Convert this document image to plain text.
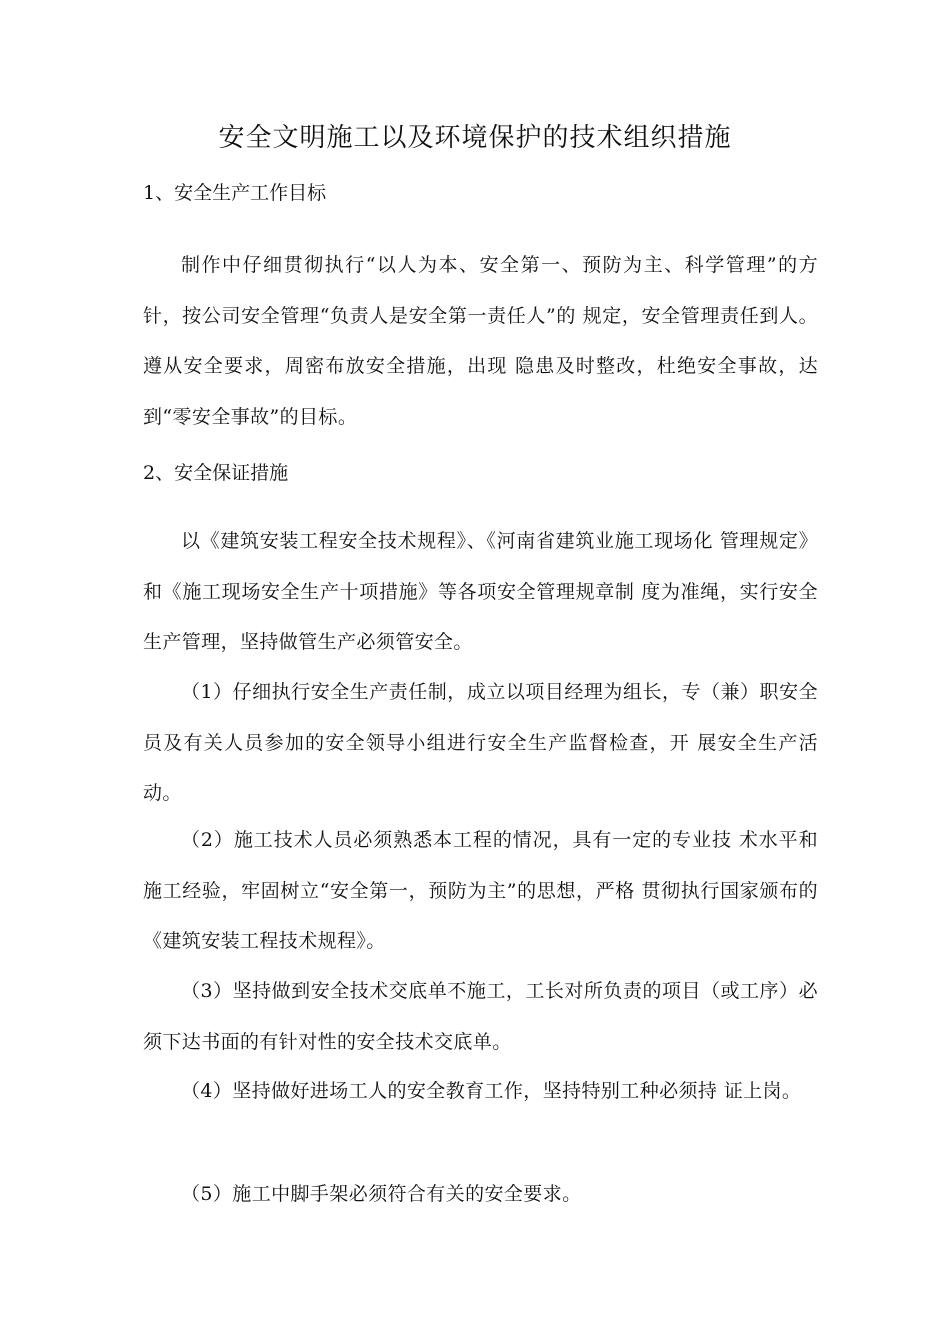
安全文明施工以及环境保护的技术组织措施
1、安全生产工作目标
制作中仔细贯彻执行“以人为本、安全第一、预防为主、科学管理”的方针，按公司安全管理“负责人是安全第一责任人”的 规定，安全管理责任到人。遵从安全要求，周密布放安全措施，出现 隐患及时整改，杜绝安全事故，达到“零安全事故”的目标。
2、安全保证措施
以《建筑安装工程安全技术规程》、《河南省建筑业施工现场化 管理规定》和《施工现场安全生产十项措施》等各项安全管理规章制 度为准绳，实行安全生产管理，坚持做管生产必须管安全。
（1）仔细执行安全生产责任制，成立以项目经理为组长，专（兼）职安全员及有关人员参加的安全领导小组进行安全生产监督检查，开 展安全生产活动。
（2）施工技术人员必须熟悉本工程的情况，具有一定的专业技 术水平和施工经验，牢固树立“安全第一，预防为主”的思想，严格 贯彻执行国家颁布的《建筑安装工程技术规程》。
（3）坚持做到安全技术交底单不施工，工长对所负责的项目（或工序）必须下达书面的有针对性的安全技术交底单。
（4）坚持做好进场工人的安全教育工作，坚持特别工种必须持 证上岗。
（5）施工中脚手架必须符合有关的安全要求。
